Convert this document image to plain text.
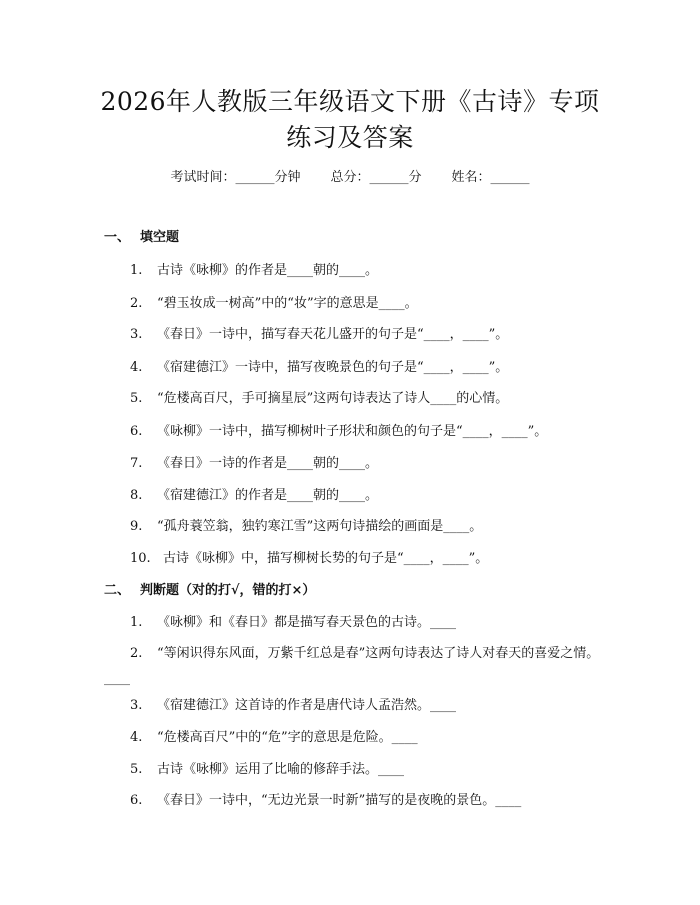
2026年人教版三年级语文下册《古诗》专项
练习及答案
考试时间：______分钟 总分：______分 姓名：______
一、 填空题
1. 古诗《咏柳》的作者是____朝的____。
2. “碧玉妆成一树高”中的“妆”字的意思是____。
3. 《春日》一诗中，描写春天花儿盛开的句子是“____，____”。
4. 《宿建德江》一诗中，描写夜晚景色的句子是“____，____”。
5. “危楼高百尺，手可摘星辰”这两句诗表达了诗人____的心情。
6. 《咏柳》一诗中，描写柳树叶子形状和颜色的句子是“____，____”。
7. 《春日》一诗的作者是____朝的____。
8. 《宿建德江》的作者是____朝的____。
9. “孤舟蓑笠翁，独钓寒江雪”这两句诗描绘的画面是____。
10. 古诗《咏柳》中，描写柳树长势的句子是“____，____”。
二、 判断题（对的打√，错的打×）
1. 《咏柳》和《春日》都是描写春天景色的古诗。____
2. “等闲识得东风面，万紫千红总是春”这两句诗表达了诗人对春天的喜爱之情。____
3. 《宿建德江》这首诗的作者是唐代诗人孟浩然。____
4. “危楼高百尺”中的“危”字的意思是危险。____
5. 古诗《咏柳》运用了比喻的修辞手法。____
6. 《春日》一诗中，“无边光景一时新”描写的是夜晚的景色。____
